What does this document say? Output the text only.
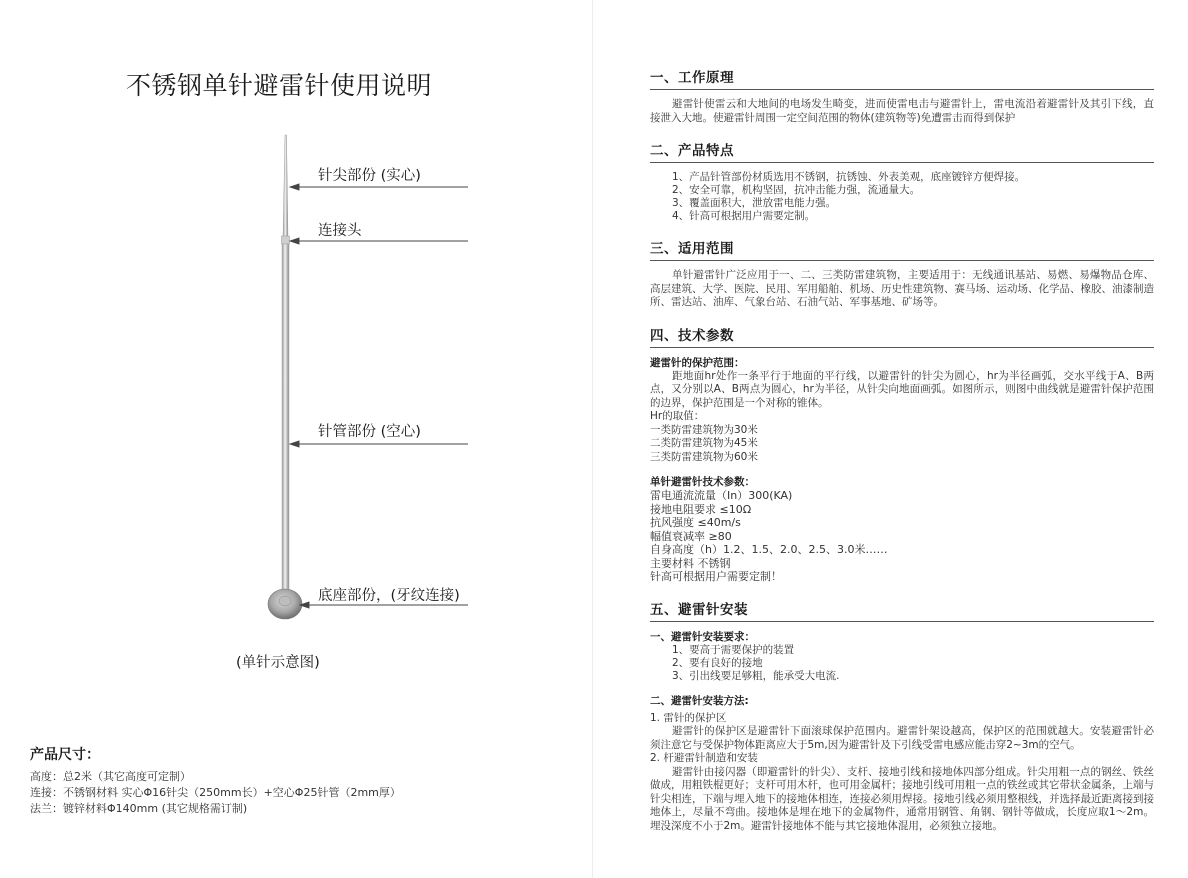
不锈钢单针避雷针使用说明
针尖部份 (实心)
连接头
针管部份 (空心)
底座部份，(牙纹连接)
(单针示意图)
产品尺寸：
高度：总2米（其它高度可定制）
连接：不锈钢材料 实心Φ16针尖（250mm长）+空心Φ25针管（2mm厚）
法兰：镀锌材料Φ140mm (其它规格需订制)
一、工作原理
避雷针使雷云和大地间的电场发生畸变，进而使雷电击与避雷针上，雷电流沿着避雷针及其引下线，直接泄入大地。使避雷针周围一定空间范围的物体(建筑物等)免遭雷击而得到保护
二、产品特点
1、产品针管部份材质选用不锈钢，抗锈蚀、外表美观，底座镀锌方便焊接。
2、安全可靠，机构坚固，抗冲击能力强，流通量大。
3、覆盖面积大，泄放雷电能力强。
4、针高可根据用户需要定制。
三、适用范围
单针避雷针广泛应用于一、二、三类防雷建筑物，主要适用于：无线通讯基站、易燃、易爆物品仓库、高层建筑、大学、医院、民用、军用船舶、机场、历史性建筑物、赛马场、运动场、化学品、橡胶、油漆制造所、雷达站、油库、气象台站、石油气站、军事基地、矿场等。
四、技术参数
避雷针的保护范围：
距地面hr处作一条平行于地面的平行线，以避雷针的针尖为圆心，hr为半径画弧，交水平线于A、B两点，又分别以A、B两点为圆心，hr为半径，从针尖向地面画弧。如图所示，则图中曲线就是避雷针保护范围的边界，保护范围是一个对称的锥体。
Hr的取值：
一类防雷建筑物为30米
二类防雷建筑物为45米
三类防雷建筑物为60米
单针避雷针技术参数：
雷电通流流量（In）300(KA)
接地电阻要求 ≤10Ω
抗风强度 ≤40m/s
幅值衰减率 ≥80
自身高度（h）1.2、1.5、2.0、2.5、3.0米……
主要材料 不锈钢
针高可根据用户需要定制！
五、避雷针安装
一、避雷针安装要求：
1、要高于需要保护的装置
2、要有良好的接地
3、引出线要足够粗，能承受大电流.
二、避雷针安装方法:
1. 雷针的保护区
避雷针的保护区是避雷针下面滚球保护范围内。避雷针架设越高，保护区的范围就越大。安装避雷针必须注意它与受保护物体距离应大于5m,因为避雷针及下引线受雷电感应能击穿2~3m的空气。
2. 杆避雷针制造和安装
避雷针由接闪器（即避雷针的针尖）、支杆、接地引线和接地体四部分组成。针尖用粗一点的钢丝、铁丝做成，用粗铁棍更好；支杆可用木杆，也可用金属杆；接地引线可用粗一点的铁丝或其它带状金属条，上端与针尖相连，下端与埋入地下的接地体相连，连接必须用焊接。接地引线必须用整根线，并选择最近距离接到接地体上，尽量不弯曲。接地体是埋在地下的金属物件，通常用钢管、角钢、钢针等做成，长度应取1～2m。埋没深度不小于2m。避雷针接地体不能与其它接地体混用，必须独立接地。
